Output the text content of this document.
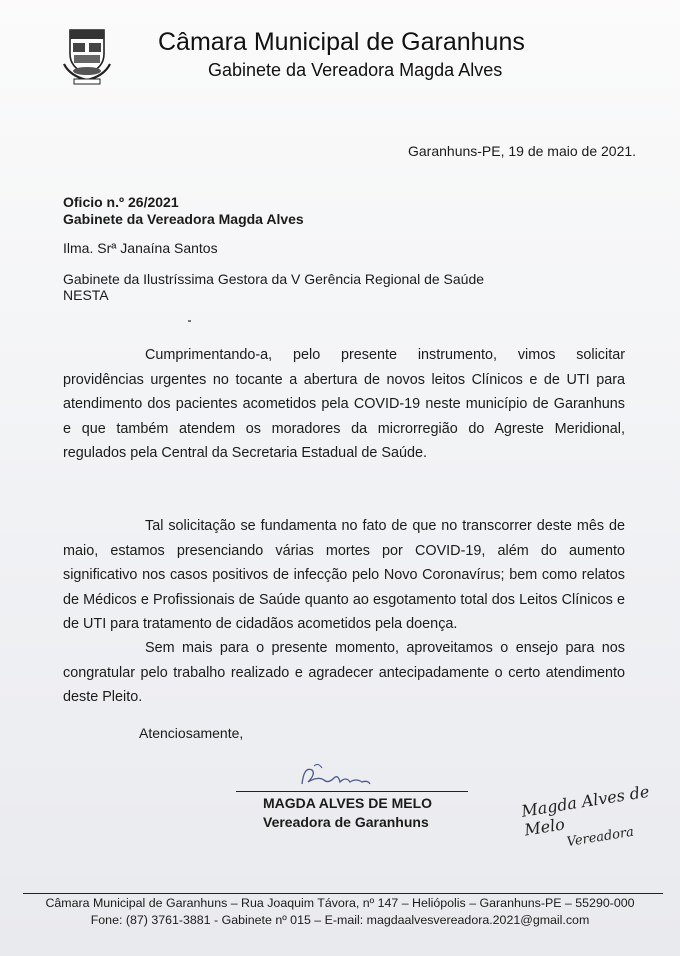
Câmara Municipal de Garanhuns
Gabinete da Vereadora Magda Alves
Garanhuns-PE, 19 de maio de 2021.
Oficio n.º 26/2021
Gabinete da Vereadora Magda Alves
Ilma. Srª Janaína Santos
Gabinete da Ilustríssima Gestora da V Gerência Regional de Saúde
NESTA

Cumprimentando-a, pelo presente instrumento, vimos solicitar providências urgentes no tocante a abertura de novos leitos Clínicos e de UTI para atendimento dos pacientes acometidos pela COVID-19 neste município de Garanhuns e que também atendem os moradores da microrregião do Agreste Meridional, regulados pela Central da Secretaria Estadual de Saúde.

Tal solicitação se fundamenta no fato de que no transcorrer deste mês de maio, estamos presenciando várias mortes por COVID-19, além do aumento significativo nos casos positivos de infecção pelo Novo Coronavírus; bem como relatos de Médicos e Profissionais de Saúde quanto ao esgotamento total dos Leitos Clínicos e de UTI para tratamento de cidadãos acometidos pela doença.

Sem mais para o presente momento, aproveitamos o ensejo para nos congratular pelo trabalho realizado e agradecer antecipadamente o certo atendimento deste Pleito.

Atenciosamente,
MAGDA ALVES DE MELO
Vereadora de Garanhuns
Magda Alves de Melo Vereadora
Câmara Municipal de Garanhuns – Rua Joaquim Távora, nº 147 – Heliópolis – Garanhuns-PE – 55290-000
Fone: (87) 3761-3881 - Gabinete nº 015 – E-mail: magdaalvesvereadora.2021@gmail.com
